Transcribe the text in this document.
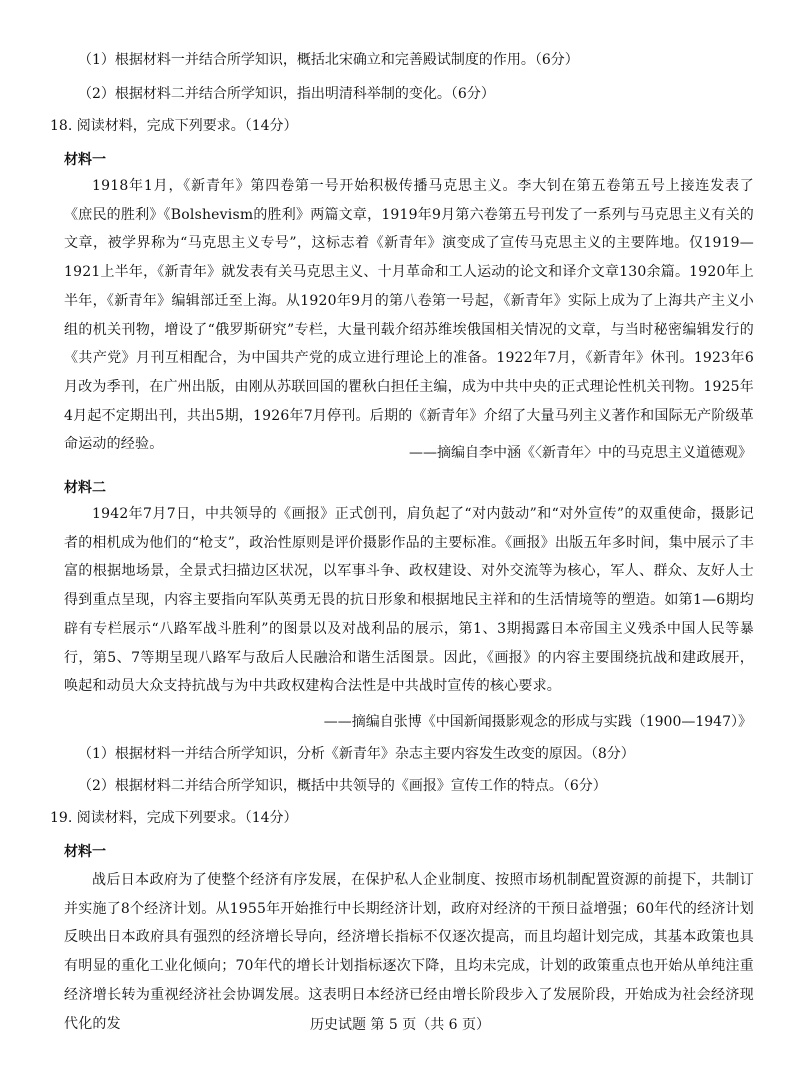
（1）根据材料一并结合所学知识，概括北宋确立和完善殿试制度的作用。（6分）
（2）根据材料二并结合所学知识，指出明清科举制的变化。（6分）
18. 阅读材料，完成下列要求。（14分）
材料一
1918年1月，《新青年》第四卷第一号开始积极传播马克思主义。李大钊在第五卷第五号上接连发表了《庶民的胜利》《Bolshevism的胜利》两篇文章，1919年9月第六卷第五号刊发了一系列与马克思主义有关的文章，被学界称为“马克思主义专号”，这标志着《新青年》演变成了宣传马克思主义的主要阵地。仅1919—1921上半年，《新青年》就发表有关马克思主义、十月革命和工人运动的论文和译介文章130余篇。1920年上半年，《新青年》编辑部迁至上海。从1920年9月的第八卷第一号起，《新青年》实际上成为了上海共产主义小组的机关刊物，增设了“俄罗斯研究”专栏，大量刊载介绍苏维埃俄国相关情况的文章，与当时秘密编辑发行的《共产党》月刊互相配合，为中国共产党的成立进行理论上的准备。1922年7月，《新青年》休刊。1923年6月改为季刊，在广州出版，由刚从苏联回国的瞿秋白担任主编，成为中共中央的正式理论性机关刊物。1925年4月起不定期出刊，共出5期，1926年7月停刊。后期的《新青年》介绍了大量马列主义著作和国际无产阶级革命运动的经验。
——摘编自李中涵《〈新青年〉中的马克思主义道德观》
材料二
1942年7月7日，中共领导的《画报》正式创刊，肩负起了“对内鼓动”和“对外宣传”的双重使命，摄影记者的相机成为他们的“枪支”，政治性原则是评价摄影作品的主要标准。《画报》出版五年多时间，集中展示了丰富的根据地场景，全景式扫描边区状况，以军事斗争、政权建设、对外交流等为核心，军人、群众、友好人士得到重点呈现，内容主要指向军队英勇无畏的抗日形象和根据地民主祥和的生活情境等的塑造。如第1—6期均辟有专栏展示“八路军战斗胜利”的图景以及对战利品的展示，第1、3期揭露日本帝国主义残杀中国人民等暴行，第5、7等期呈现八路军与敌后人民融洽和谐生活图景。因此，《画报》的内容主要围绕抗战和建政展开，唤起和动员大众支持抗战与为中共政权建构合法性是中共战时宣传的核心要求。
——摘编自张博《中国新闻摄影观念的形成与实践（1900—1947）》
（1）根据材料一并结合所学知识，分析《新青年》杂志主要内容发生改变的原因。（8分）
（2）根据材料二并结合所学知识，概括中共领导的《画报》宣传工作的特点。（6分）
19. 阅读材料，完成下列要求。（14分）
材料一
战后日本政府为了使整个经济有序发展，在保护私人企业制度、按照市场机制配置资源的前提下，共制订并实施了8个经济计划。从1955年开始推行中长期经济计划，政府对经济的干预日益增强；60年代的经济计划反映出日本政府具有强烈的经济增长导向，经济增长指标不仅逐次提高，而且均超计划完成，其基本政策也具有明显的重化工业化倾向；70年代的增长计划指标逐次下降，且均未完成，计划的政策重点也开始从单纯注重经济增长转为重视经济社会协调发展。这表明日本经济已经由增长阶段步入了发展阶段，开始成为社会经济现代化的发	历史试题 第 5 页（共 6 页）
